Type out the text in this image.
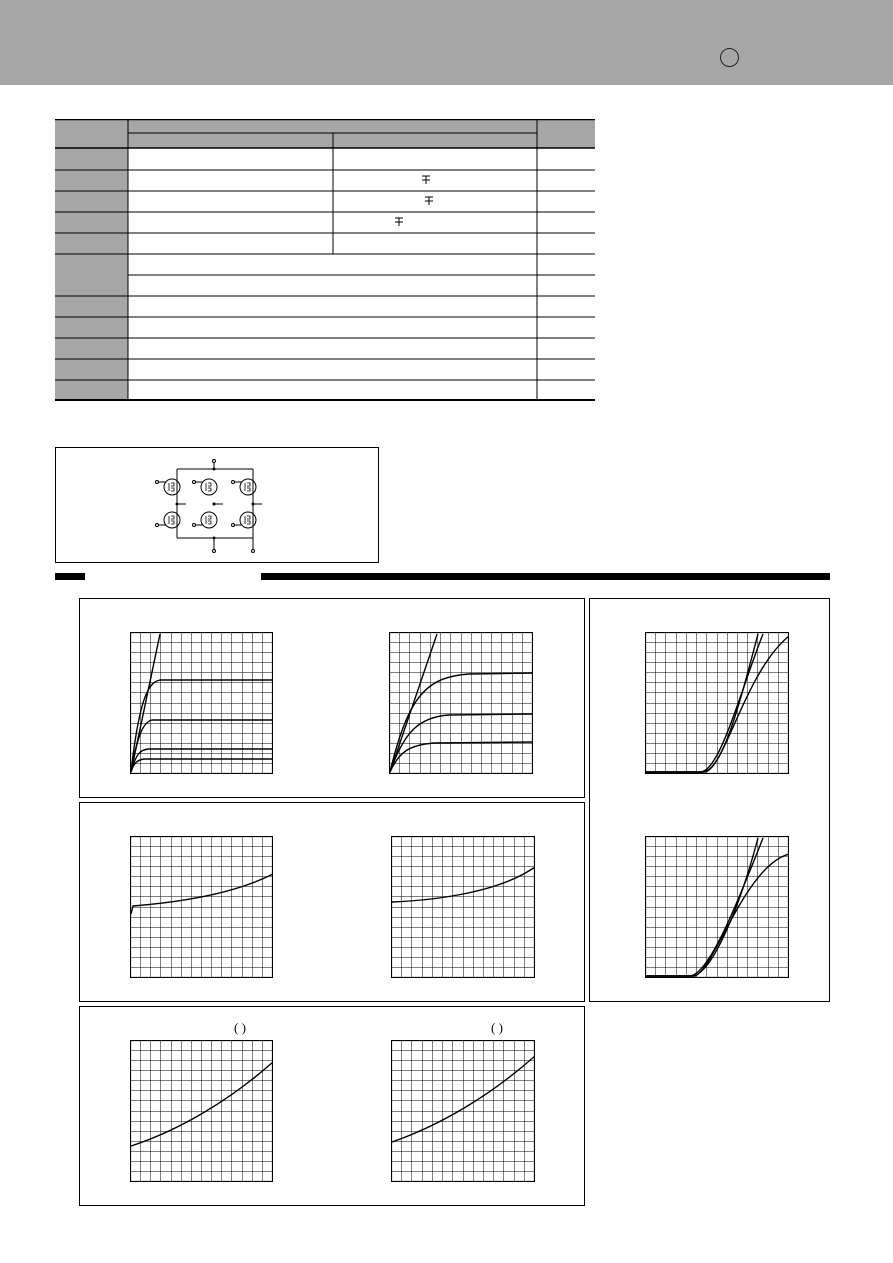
( )	( )
